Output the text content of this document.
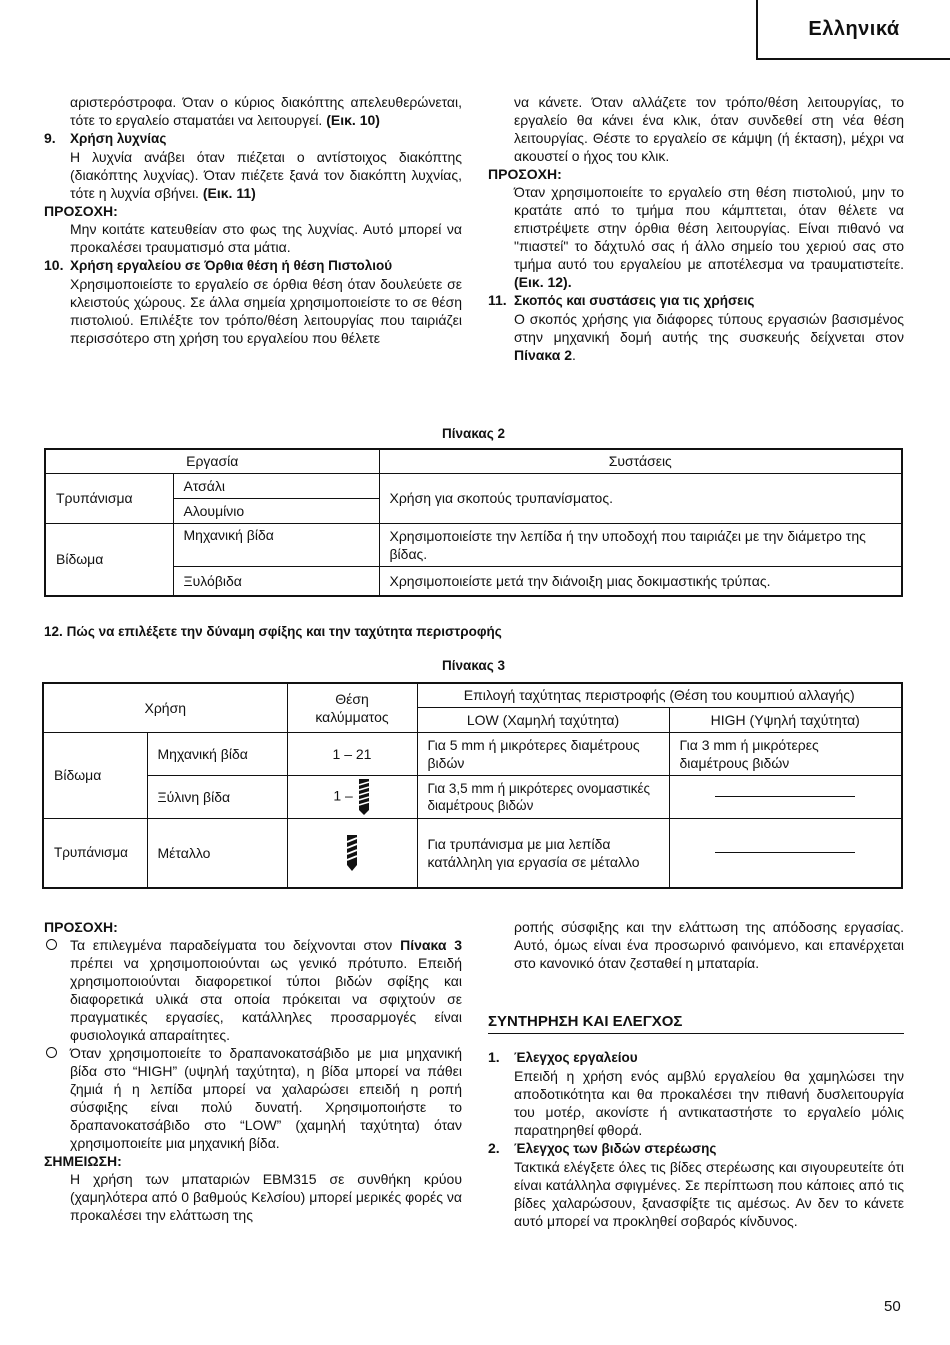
Ελληνικά

αριστερόστροφα. Όταν ο κύριος διακόπτης απελευθερώνεται, τότε το εργαλείο σταματάει να λειτουργεί. (Εικ. 10)

9. Χρήση λυχνίας

Η λυχνία ανάβει όταν πιέζεται ο αντίστοιχος διακόπτης (διακόπτης λυχνίας). Όταν πιέζετε ξανά τον διακόπτη λυχνίας, τότε η λυχνία σβήνει. (Εικ. 11)

ΠΡΟΣΟΧΗ:

Μην κοιτάτε κατευθείαν στο φως της λυχνίας. Αυτό μπορεί να προκαλέσει τραυματισμό στα μάτια.

10. Χρήση εργαλείου σε Όρθια θέση ή θέση Πιστολιού

Χρησιμοποιείστε το εργαλείο σε όρθια θέση όταν δουλεύετε σε κλειστούς χώρους. Σε άλλα σημεία χρησιμοποιείστε το σε θέση πιστολιού. Επιλέξτε τον τρόπο/θέση λειτουργίας που ταιριάζει περισσότερο στη χρήση του εργαλείου που θέλετε

να κάνετε. Όταν αλλάζετε τον τρόπο/θέση λειτουργίας, το εργαλείο θα κάνει ένα κλικ, όταν συνδεθεί στη νέα θέση λειτουργίας. Θέστε το εργαλείο σε κάμψη (ή έκταση), μέχρι να ακουστεί ο ήχος του κλικ.

ΠΡΟΣΟΧΗ:

Όταν χρησιμοποιείτε το εργαλείο στη θέση πιστολιού, μην το κρατάτε από το τμήμα που κάμπτεται, όταν θέλετε να επιστρέψετε στην όρθια θέση λειτουργίας. Είναι πιθανό να "πιαστεί" το δάχτυλό σας ή άλλο σημείο του χεριού σας στο τμήμα αυτό του εργαλείου με αποτέλεσμα να τραυματιστείτε. (Εικ. 12).

11. Σκοπός και συστάσεις για τις χρήσεις

Ο σκοπός χρήσης για διάφορες τύπους εργασιών βασισμένος στην μηχανική δομή αυτής της συσκευής δείχνεται στον Πίνακα 2.

Πίνακας 2
Εργασία		Συστάσεις
Τρυπάνισμα	Ατσάλι	Χρήση για σκοπούς τρυπανίσματος.
	Αλουμίνιο	
Βίδωμα	Μηχανική βίδα	Χρησιμοποιείστε την λεπίδα ή την υποδοχή που ταιριάζει με την διάμετρο της βίδας.
	Ξυλόβιδα	Χρησιμοποιείστε μετά την διάνοιξη μιας δοκιμαστικής τρύπας.
12. Πώς να επιλέξετε την δύναμη σφίξης και την ταχύτητα περιστροφής
Πίνακας 3
Χρήση		Θέση καλύμματος	Επιλογή ταχύτητας περιστροφής (Θέση του κουμπιού αλλαγής)	
			LOW (Χαμηλή ταχύτητα)	HIGH (Υψηλή ταχύτητα)
Βίδωμα	Μηχανική βίδα	1 – 21	Για 5 mm ή μικρότερες διαμέτρους βιδών	Για 3 mm ή μικρότερες διαμέτρους βιδών
	Ξύλινη βίδα	1 –	Για 3,5 mm ή μικρότερες ονομαστικές διαμέτρους βιδών	

Τρυπάνισμα	Μέταλλο		Για τρυπάνισμα με μια λεπίδα κατάλληλη για εργασία σε μέταλλο	

ΠΡΟΣΟΧΗ:

Τα επιλεγμένα παραδείγματα του δείχνονται στον Πίνακα 3 πρέπει να χρησιμοποιούνται ως γενικό πρότυπο. Επειδή χρησιμοποιούνται διαφορετικοί τύποι βιδών σφίξης και διαφορετικά υλικά στα οποία πρόκειται να σφιχτούν σε πραγματικές εργασίες, κατάλληλες προσαρμογές είναι φυσιολογικά απαραίτητες.

Όταν χρησιμοποιείτε το δραπανοκατσάβιδο με μια μηχανική βίδα στο “HIGH” (υψηλή ταχύτητα), η βίδα μπορεί να πάθει ζημιά ή η λεπίδα μπορεί να χαλαρώσει επειδή η ροπή σύσφιξης είναι πολύ δυνατή. Χρησιμοποιήστε το δραπανοκατσάβιδο στο “LOW” (χαμηλή ταχύτητα) όταν χρησιμοποιείτε μια μηχανική βίδα.

ΣΗΜΕΙΩΣΗ:

Η χρήση των μπαταριών EBM315 σε συνθήκη κρύου (χαμηλότερα από 0 βαθμούς Κελσίου) μπορεί μερικές φορές να προκαλέσει την ελάττωση της

ροπής σύσφιξης και την ελάττωση της απόδοσης εργασίας. Αυτό, όμως είναι ένα προσωρινό φαινόμενο, και επανέρχεται στο κανονικό όταν ζεσταθεί η μπαταρία.

ΣΥΝΤΗΡΗΣΗ ΚΑΙ ΕΛΕΓΧΟΣ

1. Έλεγχος εργαλείου

Επειδή η χρήση ενός αμβλύ εργαλείου θα χαμηλώσει την αποδοτικότητα και θα προκαλέσει την πιθανή δυσλειτουργία του μοτέρ, ακονίστε ή αντικαταστήστε το εργαλείο μόλις παρατηρηθεί φθορά.

2. Έλεγχος των βιδών στερέωσης

Τακτικά ελέγξετε όλες τις βίδες στερέωσης και σιγουρευτείτε ότι είναι κατάλληλα σφιγμένες. Σε περίπτωση που κάποιες από τις βίδες χαλαρώσουν, ξανασφίξτε τις αμέσως. Αν δεν το κάνετε αυτό μπορεί να προκληθεί σοβαρός κίνδυνος.

50
